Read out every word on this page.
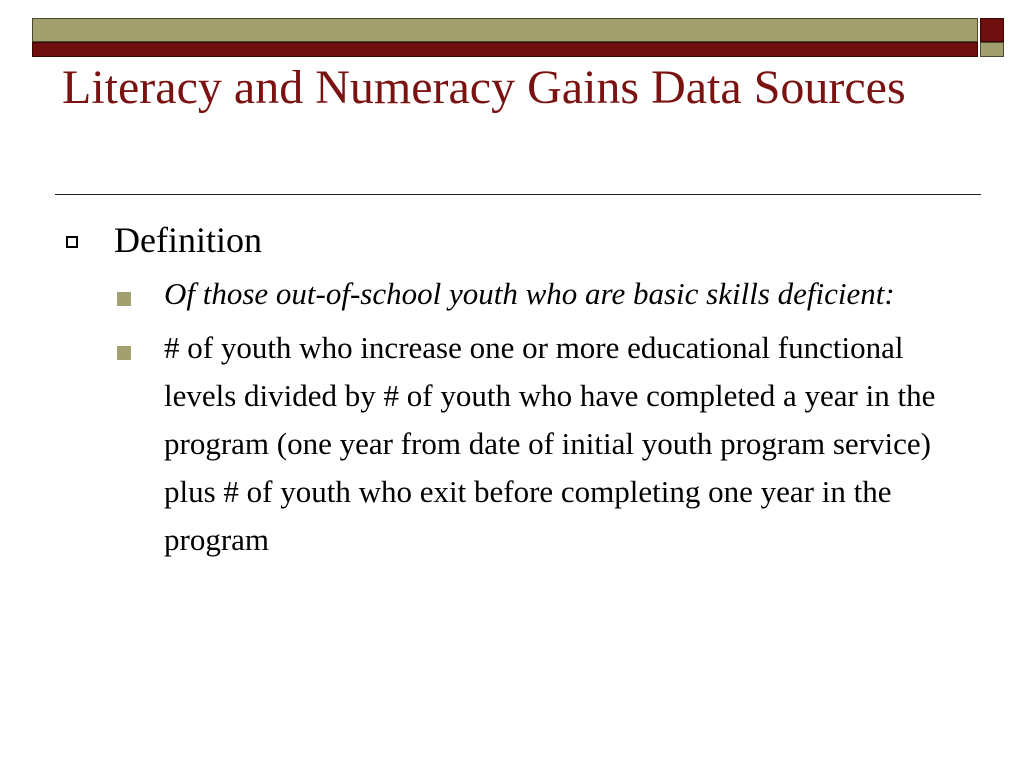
Literacy and Numeracy Gains Data Sources
Definition
Of those out-of-school youth who are basic skills deficient:
# of youth who increase one or more educational functional levels divided by # of youth who have completed a year in the program (one year from date of initial youth program service) plus # of youth who exit before completing one year in the program
